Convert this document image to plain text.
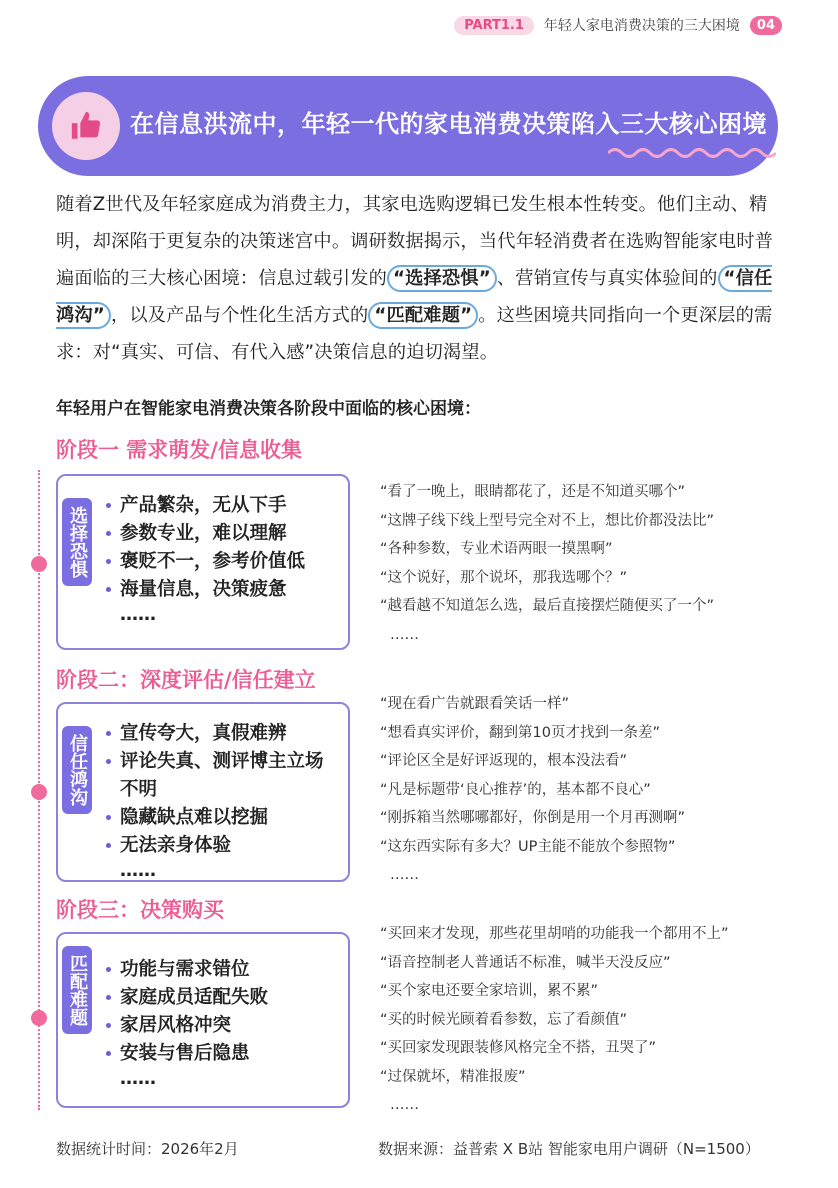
PART1.1	年轻人家电消费决策的三大困境	04
在信息洪流中，年轻一代的家电消费决策陷入三大核心困境
随着Z世代及年轻家庭成为消费主力，其家电选购逻辑已发生根本性转变。他们主动、精明，却深陷于更复杂的决策迷宫中。调研数据揭示，当代年轻消费者在选购智能家电时普遍面临的三大核心困境：信息过载引发的 “选择恐惧” 、营销宣传与真实体验间的 “信任鸿沟” ，以及产品与个性化生活方式的 “匹配难题” 。这些困境共同指向一个更深层的需求：对“真实、可信、有代入感”决策信息的迫切渴望。
年轻用户在智能家电消费决策各阶段中面临的核心困境：
阶段一 需求萌发/信息收集
选择恐惧
产品繁杂，无从下手
参数专业，难以理解
褒贬不一，参考价值低
海量信息，决策疲惫
……
“看了一晚上，眼睛都花了，还是不知道买哪个”
“这牌子线下线上型号完全对不上，想比价都没法比”
“各种参数，专业术语两眼一摸黑啊”
“这个说好，那个说坏，那我选哪个？”
“越看越不知道怎么选，最后直接摆烂随便买了一个”
……
阶段二：深度评估/信任建立
信任鸿沟
宣传夸大，真假难辨
评论失真、测评博主立场不明
隐藏缺点难以挖掘
无法亲身体验
……
“现在看广告就跟看笑话一样”
“想看真实评价，翻到第10页才找到一条差”
“评论区全是好评返现的，根本没法看”
“凡是标题带‘良心推荐’的，基本都不良心”
“刚拆箱当然哪哪都好，你倒是用一个月再测啊”
“这东西实际有多大？UP主能不能放个参照物”
……
阶段三：决策购买
匹配难题	功能与需求错位
家庭成员适配失败
家居风格冲突
安装与售后隐患
……
“买回来才发现，那些花里胡哨的功能我一个都用不上”
“语音控制老人普通话不标准，喊半天没反应”
“买个家电还要全家培训，累不累”
“买的时候光顾着看参数，忘了看颜值”
“买回家发现跟装修风格完全不搭，丑哭了”
“过保就坏，精准报废”
……
数据统计时间：2026年2月	数据来源：益普索 X B站 智能家电用户调研（N=1500）
